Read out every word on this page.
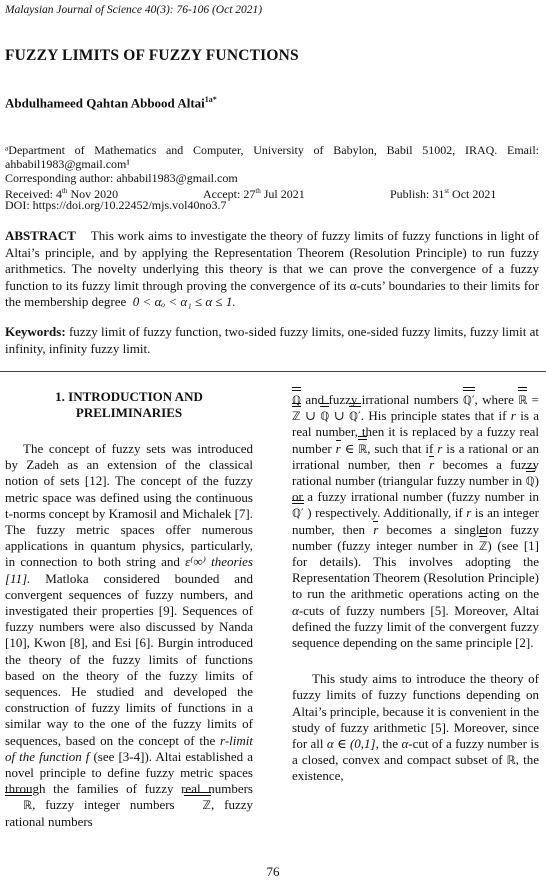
Malaysian Journal of Science 40(3): 76-106 (Oct 2021)
FUZZY LIMITS OF FUZZY FUNCTIONS
Abdulhameed Qahtan Abbood Altai$^{1a*}$
ᵃDepartment of Mathematics and Computer, University of Babylon, Babil 51002, IRAQ. Email:
ahbabil1983@gmail.com¹
Corresponding author: ahbabil1983@gmail.com
Received: 4th Nov 2020	Accept: 27th Jul 2021	Publish: 31st Oct 2021
DOI: https://doi.org/10.22452/mjs.vol40no3.7
ABSTRACT This work aims to investigate the theory of fuzzy limits of fuzzy functions in light of Altai’s principle, and by applying the Representation Theorem (Resolution Principle) to run fuzzy arithmetics. The novelty underlying this theory is that we can prove the convergence of a fuzzy function to its fuzzy limit through proving the convergence of its α-cuts’ boundaries to their limits for the membership degree 0 < αₒ < α₁ ≤ α ≤ 1.
Keywords: fuzzy limit of fuzzy function, two-sided fuzzy limits, one-sided fuzzy limits, fuzzy limit at infinity, infinity fuzzy limit.
1. INTRODUCTION AND
PRELIMINARIES

The concept of fuzzy sets was introduced by Zadeh as an extension of the classical notion of sets [12]. The concept of the fuzzy metric space was defined using the continuous t-norms concept by Kramosil and Michalek [7]. The fuzzy metric spaces offer numerous applications in quantum physics, particularly, in connection to both string and ε⁽∞⁾ theories [11]. Matloka considered bounded and convergent sequences of fuzzy numbers, and investigated their properties [9]. Sequences of fuzzy numbers were also discussed by Nanda [10], Kwon [8], and Esi [6]. Burgin introduced the theory of the fuzzy limits of functions based on the theory of the fuzzy limits of sequences. He studied and developed the construction of fuzzy limits of functions in a similar way to the one of the fuzzy limits of sequences, based on the concept of the r-limit of the function f (see [3-4]). Altai established a novel principle to define fuzzy metric spaces through the families of fuzzy real numbers ℝ, fuzzy integer numbers ℤ, fuzzy rational numbers

ℚ and fuzzy irrational numbers ℚ′, where ℝ = ℤ ∪ ℚ ∪ ℚ′. His principle states that if r is a real number, then it is replaced by a fuzzy real number r ∈ ℝ, such that if r is a rational or an irrational number, then r becomes a fuzzy rational number (triangular fuzzy number in ℚ) or a fuzzy irrational number (fuzzy number in ℚ′ ) respectively. Additionally, if r is an integer number, then r becomes a singleton fuzzy number (fuzzy integer number in ℤ) (see [1] for details). This involves adopting the Representation Theorem (Resolution Principle) to run the arithmetic operations acting on the α-cuts of fuzzy numbers [5]. Moreover, Altai defined the fuzzy limit of the convergent fuzzy sequence depending on the same principle [2].

This study aims to introduce the theory of fuzzy limits of fuzzy functions depending on Altai’s principle, because it is convenient in the study of fuzzy arithmetic [5]. Moreover, since for all α ∈ (0,1], the α-cut of a fuzzy number is a closed, convex and compact subset of ℝ, the existence,

76
